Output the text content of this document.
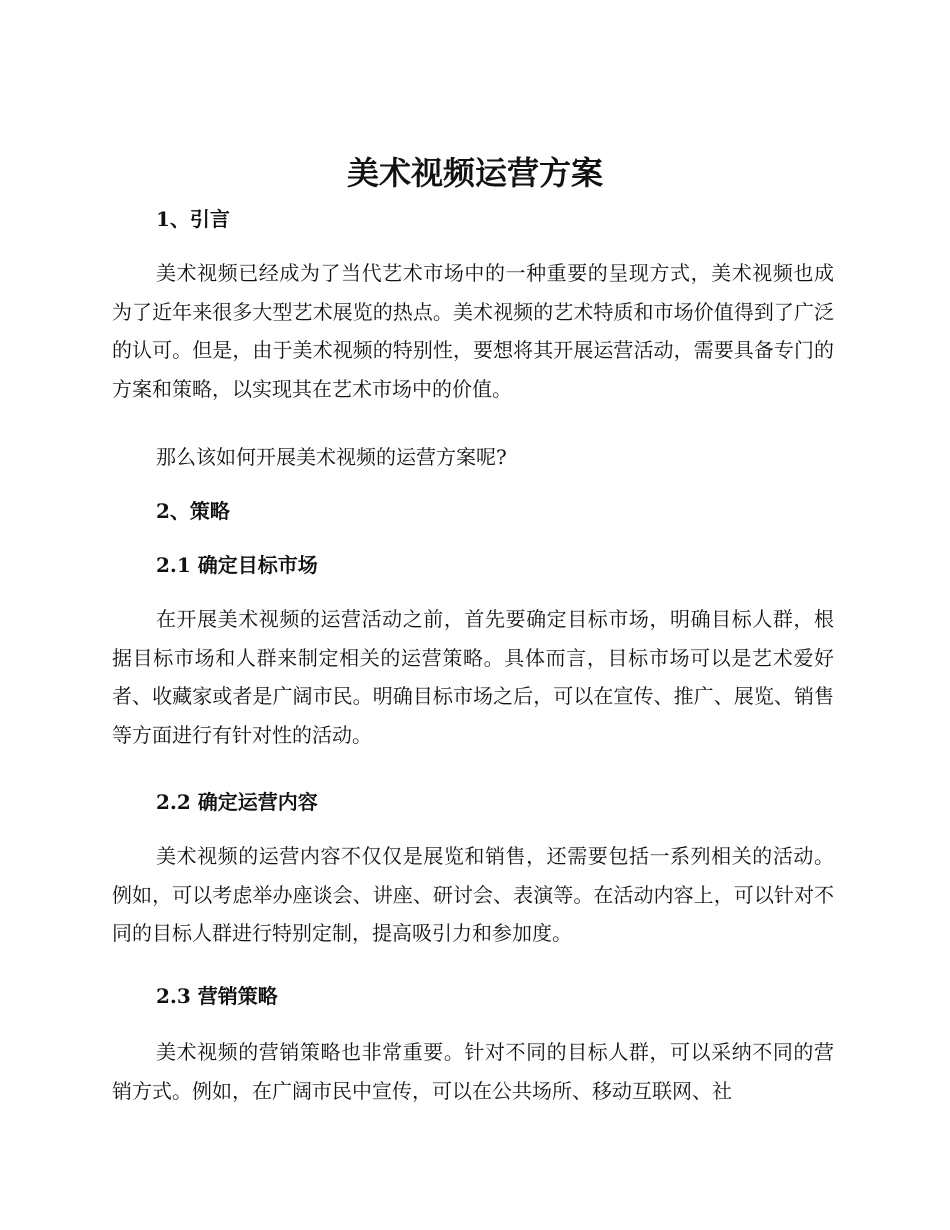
美术视频运营方案
1、引言

美术视频已经成为了当代艺术市场中的一种重要的呈现方式，美术视频也成为了近年来很多大型艺术展览的热点。美术视频的艺术特质和市场价值得到了广泛的认可。但是，由于美术视频的特别性，要想将其开展运营活动，需要具备专门的方案和策略，以实现其在艺术市场中的价值。

那么该如何开展美术视频的运营方案呢?

2、策略
2.1 确定目标市场

在开展美术视频的运营活动之前，首先要确定目标市场，明确目标人群，根据目标市场和人群来制定相关的运营策略。具体而言，目标市场可以是艺术爱好者、收藏家或者是广阔市民。明确目标市场之后，可以在宣传、推广、展览、销售等方面进行有针对性的活动。

2.2 确定运营内容

美术视频的运营内容不仅仅是展览和销售，还需要包括一系列相关的活动。例如，可以考虑举办座谈会、讲座、研讨会、表演等。在活动内容上，可以针对不同的目标人群进行特别定制，提高吸引力和参加度。

2.3 营销策略

美术视频的营销策略也非常重要。针对不同的目标人群，可以采纳不同的营销方式。例如，在广阔市民中宣传，可以在公共场所、移动互联网、社
